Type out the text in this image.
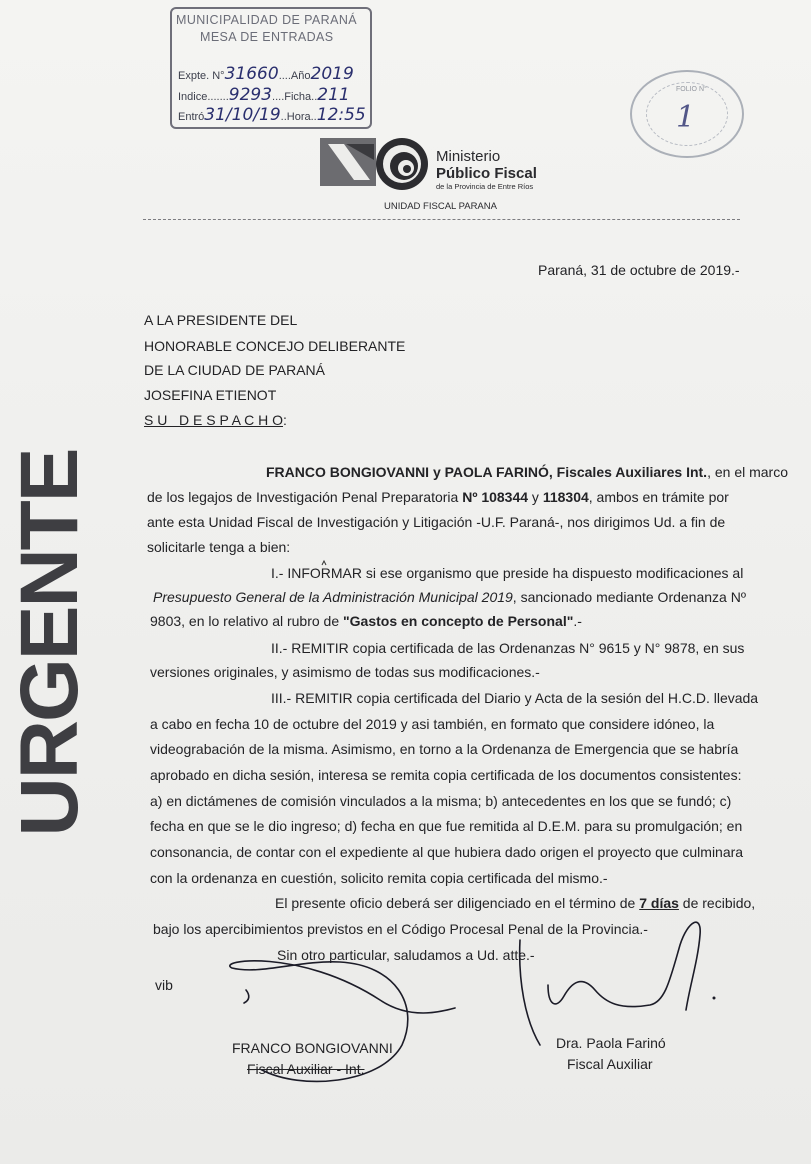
MUNICIPALIDAD DE PARANÁ
MESA DE ENTRADAS
Expte. N°31660....Año2019
Indice.......9293....Ficha..211
Entró31/10/19..Hora..12:55
FOLIO N°
1
Ministerio
Público Fiscal
de la Provincia de Entre Ríos
UNIDAD FISCAL PARANA
Paraná, 31 de octubre de 2019.-
A LA PRESIDENTE DEL
HONORABLE CONCEJO DELIBERANTE
DE LA CIUDAD DE PARANÁ
JOSEFINA ETIENOT
S U   D E S P A C H O:
URGENTE	FRANCO BONGIOVANNI y PAOLA FARINÓ, Fiscales Auxiliares Int., en el marco
de los legajos de Investigación Penal Preparatoria Nº 108344 y 118304, ambos en trámite por
ante esta Unidad Fiscal de Investigación y Litigación -U.F. Paraná-, nos dirigimos Ud. a fin de
solicitarle tenga a bien:
I.- INFORMAR si ese organismo que preside ha dispuesto modificaciones al
Presupuesto General de la Administración Municipal 2019, sancionado mediante Ordenanza Nº
9803, en lo relativo al rubro de "Gastos en concepto de Personal".-
II.- REMITIR copia certificada de las Ordenanzas N° 9615 y N° 9878, en sus
versiones originales, y asimismo de todas sus modificaciones.-
III.- REMITIR copia certificada del Diario y Acta de la sesión del H.C.D. llevada
a cabo en fecha 10 de octubre del 2019 y asi también, en formato que considere idóneo, la
videograbación de la misma. Asimismo, en torno a la Ordenanza de Emergencia que se habría
aprobado en dicha sesión, interesa se remita copia certificada de los documentos consistentes:
a) en dictámenes de comisión vinculados a la misma; b) antecedentes en los que se fundó; c)
fecha en que se le dio ingreso; d) fecha en que fue remitida al D.E.M. para su promulgación; en
consonancia, de contar con el expediente al que hubiera dado origen el proyecto que culminara
con la ordenanza en cuestión, solicito remita copia certificada del mismo.-
El presente oficio deberá ser diligenciado en el término de 7 días de recibido,
bajo los apercibimientos previstos en el Código Procesal Penal de la Provincia.-
Sin otro particular, saludamos a Ud. atte.-
vib
FRANCO BONGIOVANNI
Fiscal Auxiliar - Int.
Dra. Paola Farinó
Fiscal Auxiliar
